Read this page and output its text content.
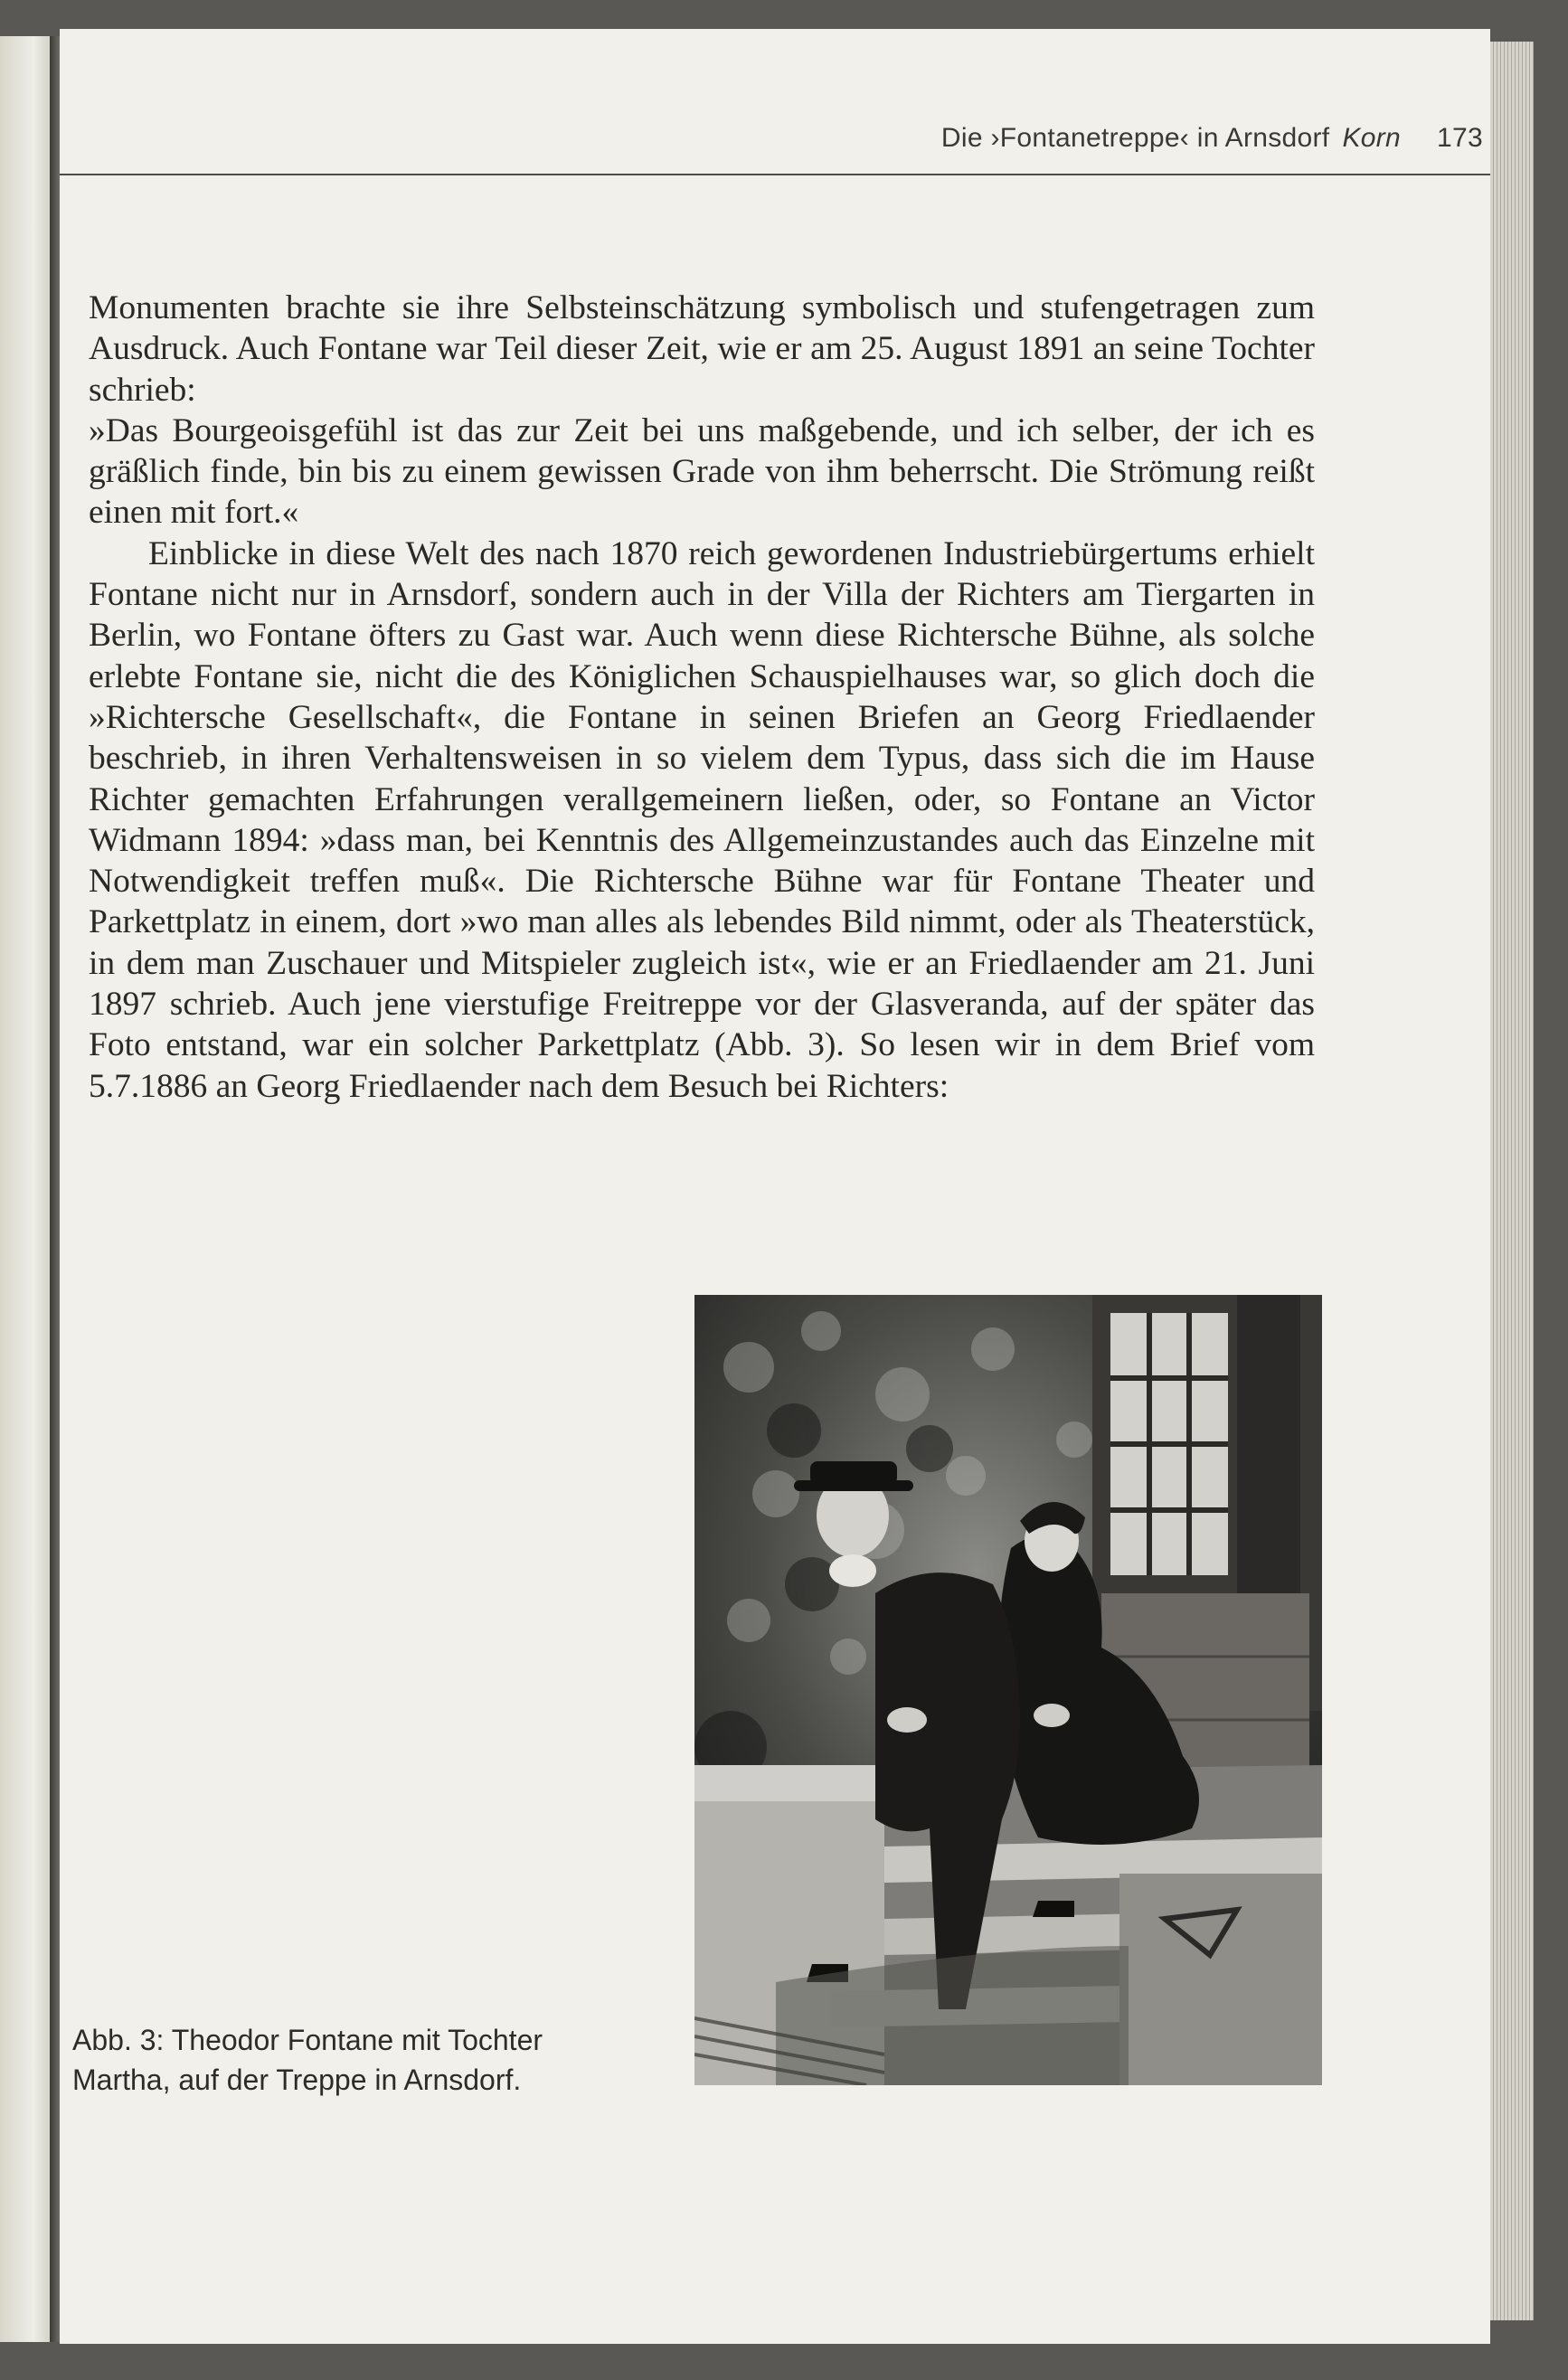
Die ›Fontanetreppe‹ in Arnsdorf Korn 173

Monumenten brachte sie ihre Selbsteinschätzung symbolisch und stufengetragen zum Ausdruck. Auch Fontane war Teil dieser Zeit, wie er am 25. August 1891 an seine Tochter schrieb:

»Das Bourgeoisgefühl ist das zur Zeit bei uns maßgebende, und ich selber, der ich es gräßlich finde, bin bis zu einem gewissen Grade von ihm beherrscht. Die Strömung reißt einen mit fort.«

Einblicke in diese Welt des nach 1870 reich gewordenen Industriebürgertums erhielt Fontane nicht nur in Arnsdorf, sondern auch in der Villa der Richters am Tiergarten in Berlin, wo Fontane öfters zu Gast war. Auch wenn diese Richtersche Bühne, als solche erlebte Fontane sie, nicht die des Königlichen Schauspielhauses war, so glich doch die »Richtersche Gesellschaft«, die Fontane in seinen Briefen an Georg Friedlaender beschrieb, in ihren Verhaltensweisen in so vielem dem Typus, dass sich die im Hause Richter gemachten Erfahrungen verallgemeinern ließen, oder, so Fontane an Victor Widmann 1894: »dass man, bei Kenntnis des Allgemeinzustandes auch das Einzelne mit Notwendigkeit treffen muß«. Die Richtersche Bühne war für Fontane Theater und Parkettplatz in einem, dort »wo man alles als lebendes Bild nimmt, oder als Theaterstück, in dem man Zuschauer und Mitspieler zugleich ist«, wie er an Friedlaender am 21. Juni 1897 schrieb. Auch jene vierstufige Freitreppe vor der Glasveranda, auf der später das Foto entstand, war ein solcher Parkettplatz (Abb. 3). So lesen wir in dem Brief vom 5.7.1886 an Georg Friedlaender nach dem Besuch bei Richters:

Abb. 3: Theodor Fontane mit Tochter
Martha, auf der Treppe in Arnsdorf.
